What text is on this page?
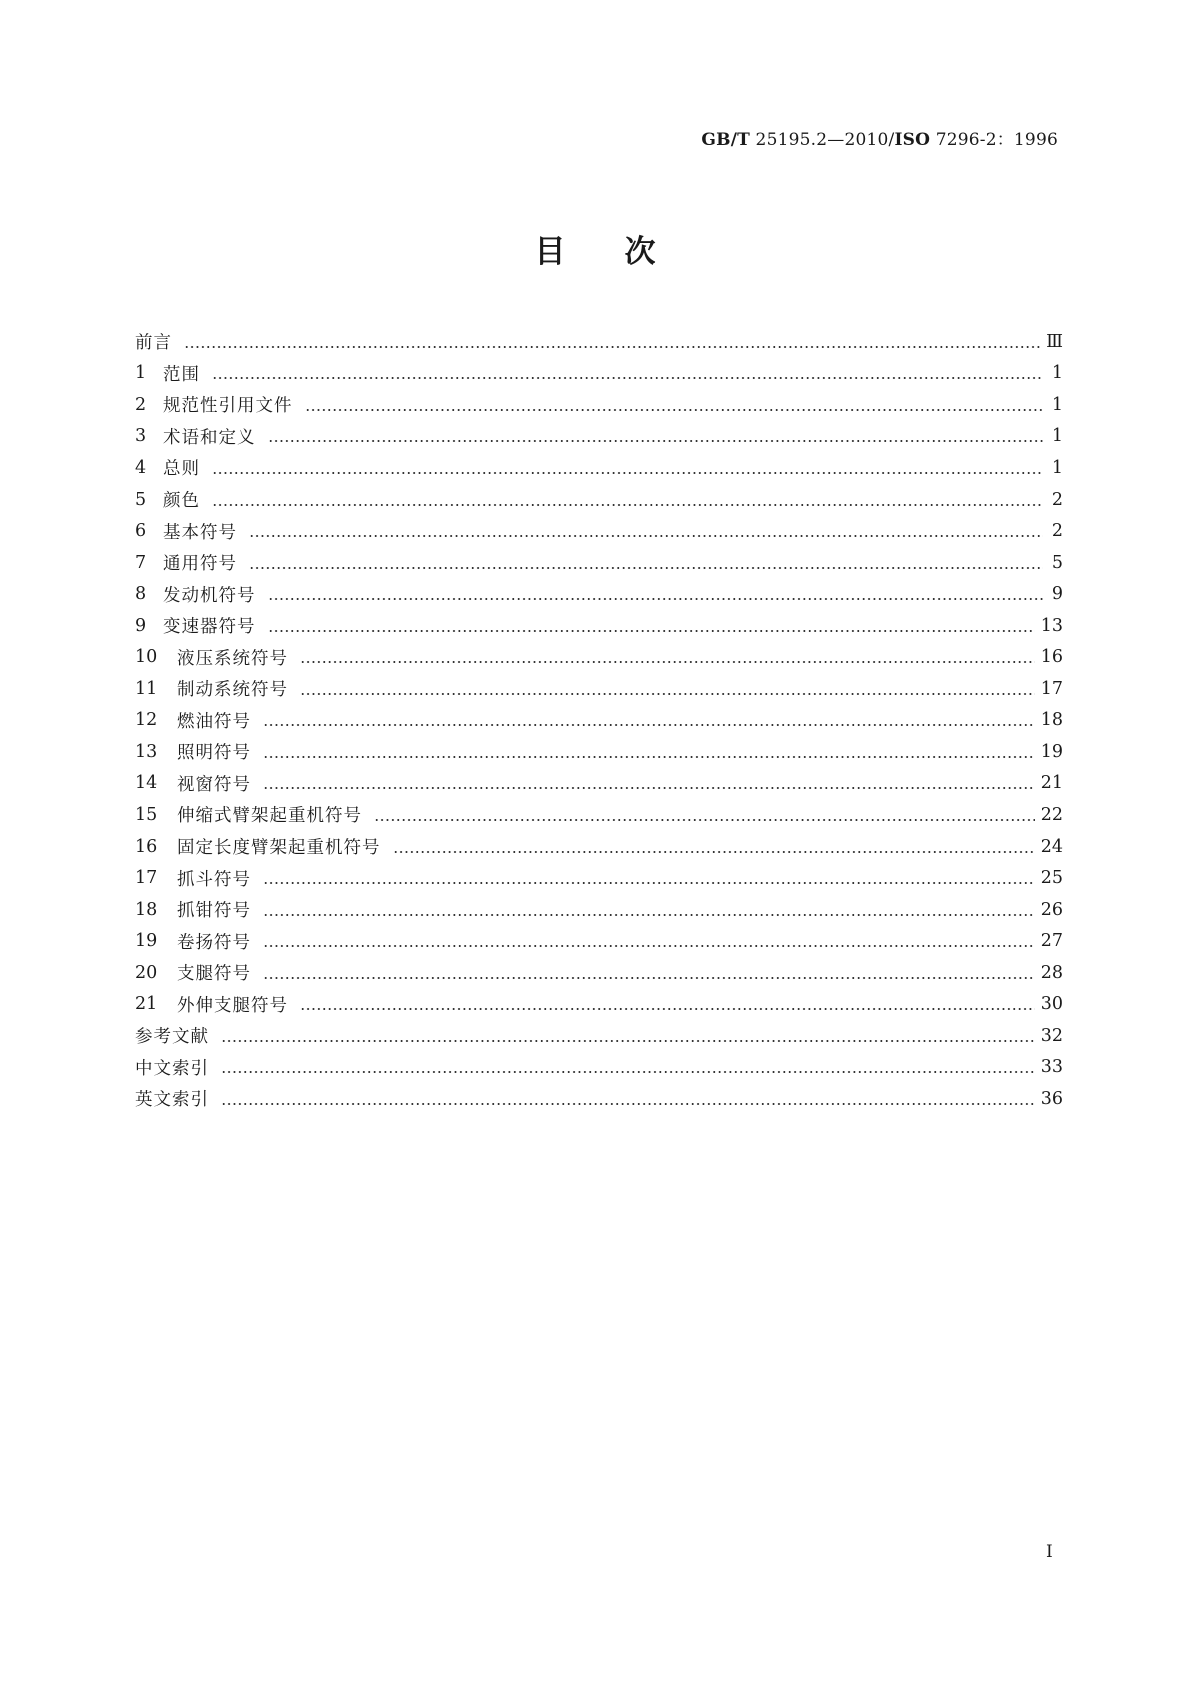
GB/T 25195.2—2010/ISO 7296-2：1996
目 次
前言	Ⅲ
1 范围	1
2 规范性引用文件	1
3 术语和定义	1
4 总则	1
5 颜色	2
6 基本符号	2
7 通用符号	5
8 发动机符号	9
9 变速器符号	13
10	液压系统符号	16
11	制动系统符号	17
12	燃油符号	18
13	照明符号	19
14	视窗符号	21
15	伸缩式臂架起重机符号	22
16	固定长度臂架起重机符号	24
17	抓斗符号	25
18	抓钳符号	26
19	卷扬符号	27
20	支腿符号	28
21	外伸支腿符号	30
参考文献	32
中文索引	33
英文索引	36
I
